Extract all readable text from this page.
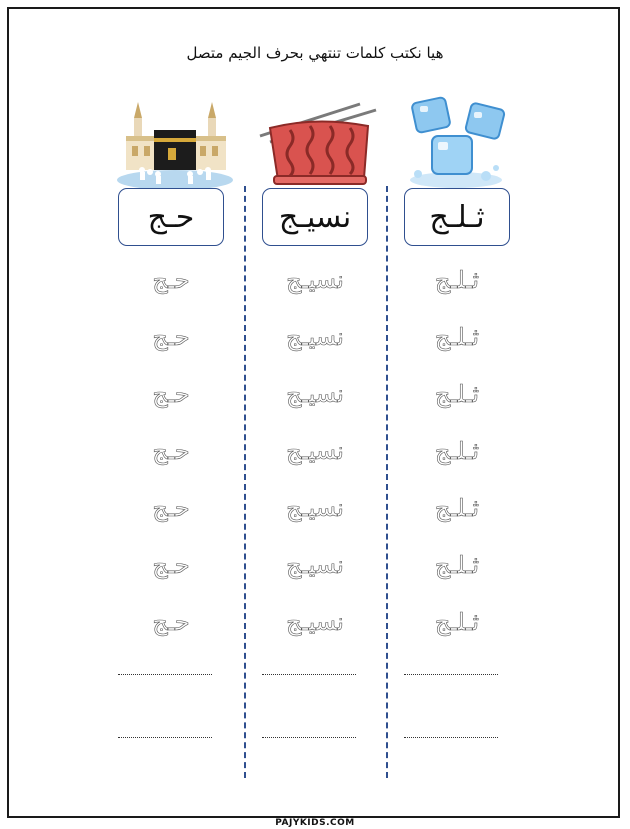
هيا نكتب كلمات تنتهي بحرف الجيم متصل
حـج
حـج
حـج
حـج
حـج
حـج
حـج
حـج
نسيـج
نسيـج
نسيـج
نسيـج
نسيـج
نسيـج
نسيـج
نسيـج
ثـلـج
ثـلـج
ثـلـج
ثـلـج
ثـلـج
ثـلـج
ثـلـج
ثـلـج
PAJYKIDS.COM
